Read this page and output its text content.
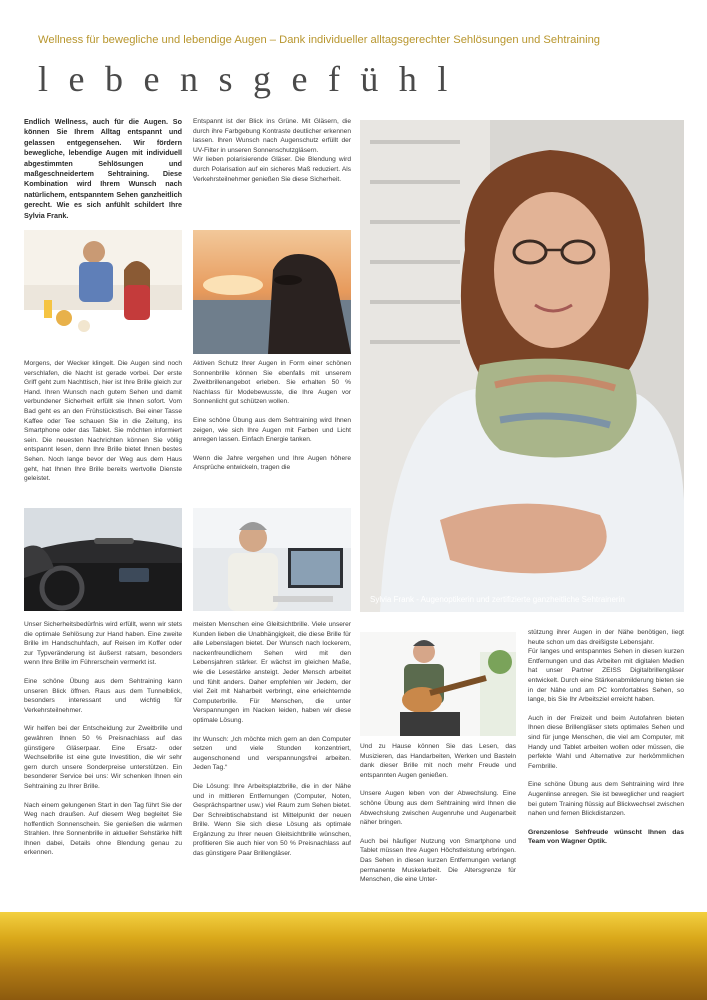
Wellness für bewegliche und lebendige Augen – Dank individueller alltagsgerechter Sehlösungen und Sehtraining
lebensgefühl
Endlich Wellness, auch für die Augen. So können Sie Ihrem Alltag entspannt und gelassen entgegensehen. Wir fördern bewegliche, lebendige Augen mit individuell abgestimmten Sehlösungen und maßgeschneidertem Sehtraining. Diese Kombination wird Ihrem Wunsch nach natürlichem, entspanntem Sehen ganzheitlich gerecht. Wie es sich anfühlt schildert Ihre Sylvia Frank.
Morgens, der Wecker klingelt. Die Augen sind noch verschlafen, die Nacht ist gerade vorbei. Der erste Griff geht zum Nachttisch, hier ist Ihre Brille gleich zur Hand. Ihren Wunsch nach gutem Sehen und damit verbundener Sicherheit erfüllt sie Ihnen sofort. Vom Bad geht es an den Frühstückstisch. Bei einer Tasse Kaffee oder Tee schauen Sie in die Zeitung, ins Smartphone oder das Tablet. Sie möchten informiert sein. Die neuesten Nachrichten können Sie völlig entspannt lesen, denn Ihre Brille bietet Ihnen bestes Sehen. Noch lange bevor der Weg aus dem Haus geht, hat Ihnen Ihre Brille bereits wertvolle Dienste geleistet.

Unser Sicherheitsbedürfnis wird erfüllt, wenn wir stets die optimale Sehlösung zur Hand haben. Eine zweite Brille im Handschuhfach, auf Reisen im Koffer oder zur Typveränderung ist äußerst ratsam, besonders wenn Ihre Brille im Führerschein vermerkt ist.

Eine schöne Übung aus dem Sehtraining kann unseren Blick öffnen. Raus aus dem Tunnelblick, besonders interessant und wichtig für Verkehrsteilnehmer.

Wir helfen bei der Entscheidung zur Zweitbrille und gewähren Ihnen 50 % Preisnachlass auf das günstigere Gläserpaar. Eine Ersatz- oder Wechselbrille ist eine gute Investition, die wir sehr gern durch unsere Sonderpreise unterstützen. Ein besonderer Service bei uns: Wir schenken Ihnen ein Sehtraining zu Ihrer Brille.

Nach einem gelungenen Start in den Tag führt Sie der Weg nach draußen. Auf diesem Weg begleitet Sie hoffentlich Sonnenschein. Sie genießen die wärmen Strahlen. Ihre Sonnenbrille in aktueller Sehstärke hilft Ihnen dabei, Details ohne Blendung genau zu erkennen.

Entspannt ist der Blick ins Grüne. Mit Gläsern, die durch ihre Farbgebung Kontraste deutlicher erkennen lassen. Ihren Wunsch nach Augenschutz erfüllt der UV-Filter in unseren Sonnenschutzgläsern.

Wir lieben polarisierende Gläser. Die Blendung wird durch Polarisation auf ein sicheres Maß reduziert. Als Verkehrsteilnehmer genießen Sie diese Sicherheit.

Aktiven Schutz Ihrer Augen in Form einer schönen Sonnenbrille können Sie ebenfalls mit unserem Zweitbrillenangebot erleben. Sie erhalten 50 % Nachlass für Modebewusste, die Ihre Augen vor Sonnenlicht gut schützen wollen.

Eine schöne Übung aus dem Sehtraining wird Ihnen zeigen, wie sich Ihre Augen mit Farben und Licht anregen lassen. Einfach Energie tanken.

Wenn die Jahre vergehen und Ihre Augen höhere Ansprüche entwickeln, tragen die

meisten Menschen eine Gleitsichtbrille. Viele unserer Kunden lieben die Unabhängigkeit, die diese Brille für alle Lebenslagen bietet. Der Wunsch nach lockerem, nackenfreundlichem Sehen wird mit den Lebensjahren stärker. Er wächst im gleichen Maße, wie die Lesestärke ansteigt. Jeder Mensch arbeitet und fühlt anders. Daher empfehlen wir Jedem, der viel Zeit mit Naharbeit verbringt, eine erleichternde Computerbrille. Für Menschen, die unter Verspannungen im Nacken leiden, haben wir diese optimale Lösung.

Ihr Wunsch: „Ich möchte mich gern an den Computer setzen und viele Stunden konzentriert, augenschonend und verspannungsfrei arbeiten. Jeden Tag.“

Die Lösung: Ihre Arbeitsplatzbrille, die in der Nähe und in mittleren Entfernungen (Computer, Noten, Gesprächspartner usw.) viel Raum zum Sehen bietet. Der Schreibtischabstand ist Mittelpunkt der neuen Brille. Wenn Sie sich diese Lösung als optimale Ergänzung zu Ihrer neuen Gleitsichtbrille wünschen, profitieren Sie auch hier von 50 % Preisnachlass auf das günstigere Paar Brillengläser.

Sylvia Frank - Augenoptikerin und zertifizierte ganzheitliche Sehtrainerin

Und zu Hause können Sie das Lesen, das Musizieren, das Handarbeiten, Werken und Basteln dank dieser Brille mit noch mehr Freude und entspannten Augen genießen.

Unsere Augen leben von der Abwechslung. Eine schöne Übung aus dem Sehtraining wird Ihnen die Abwechslung zwischen Augenruhe und Augenarbeit näher bringen.

Auch bei häufiger Nutzung von Smartphone und Tablet müssen Ihre Augen Höchstleistung erbringen. Das Sehen in diesen kurzen Entfernungen verlangt permanente Muskelarbeit. Die Altersgrenze für Menschen, die eine Unter-

stützung ihrer Augen in der Nähe benötigen, liegt heute schon um das dreißigste Lebensjahr.

Für langes und entspanntes Sehen in diesen kurzen Entfernungen und das Arbeiten mit digitalen Medien hat unser Partner ZEISS Digitalbrillengläser entwickelt. Durch eine Stärkenabmilderung bieten sie in der Nähe und am PC komfortables Sehen, so lange, bis Sie Ihr Arbeitsziel erreicht haben.

Auch in der Freizeit und beim Autofahren bieten Ihnen diese Brillengläser stets optimales Sehen und sind für junge Menschen, die viel am Computer, mit Handy und Tablet arbeiten wollen oder müssen, die perfekte Wahl und Alternative zur herkömmlichen Fernbrille.

Eine schöne Übung aus dem Sehtraining wird Ihre Augenlinse anregen. Sie ist beweglicher und reagiert bei gutem Training flüssig auf Blickwechsel zwischen nahen und fernen Blickdistanzen.

Grenzenlose Sehfreude wünscht Ihnen das Team von Wagner Optik.
